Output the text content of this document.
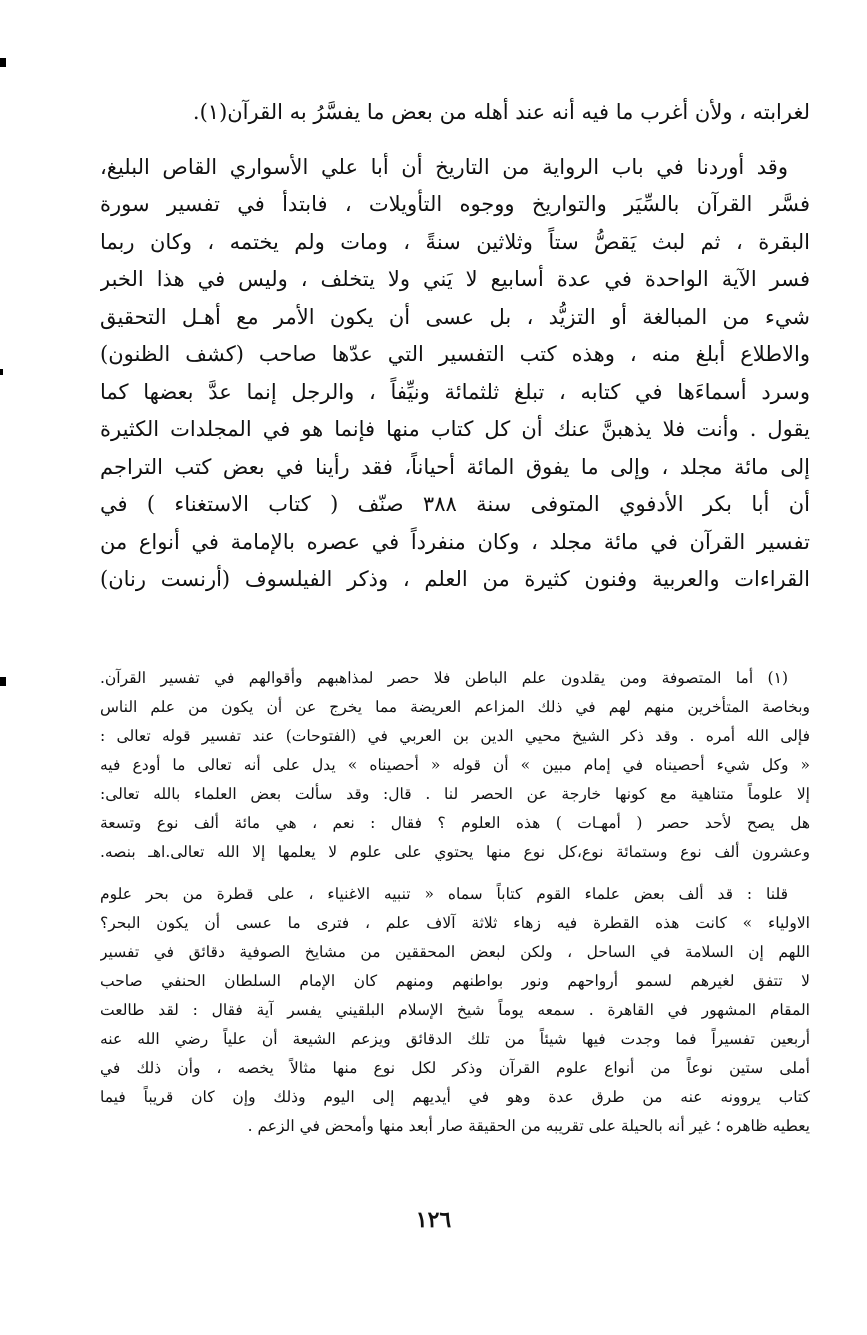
لغرابته ، ولأن أغرب ما فيه أنه عند أهله من بعض ما يفسَّرُ به القرآن(١).
وقد أوردنا في باب الرواية من التاريخ أن أبا علي الأسواري القاص البليغ،
فسَّر القرآن بالسِّيَر والتواريخ ووجوه التأويلات ، فابتدأ في تفسير سورة
البقرة ، ثم لبث يَقصُّ ستاً وثلاثين سنةً ، ومات ولم يختمه ، وكان ربما
فسر الآية الواحدة في عدة أسابيع لا يَني ولا يتخلف ، وليس في هذا الخبر
شيء من المبالغة أو التزيُّد ، بل عسى أن يكون الأمر مع أهـل التحقيق
والاطلاع أبلغ منه ، وهذه كتب التفسير التي عدّها صاحب (كشف الظنون)
وسرد أسماءَها في كتابه ، تبلغ ثلثمائة ونيِّفاً ، والرجل إنما عدَّ بعضها كما
يقول . وأنت فلا يذهبنَّ عنك أن كل كتاب منها فإنما هو في المجلدات الكثيرة
إلى مائة مجلد ، وإلى ما يفوق المائة أحياناً، فقد رأينا في بعض كتب التراجم
أن أبا بكر الأدفوي المتوفى سنة ٣٨٨ صنّف ( كتاب الاستغناء ) في
تفسير القرآن في مائة مجلد ، وكان منفرداً في عصره بالإمامة في أنواع من
القراءات والعربية وفنون كثيرة من العلم ، وذكر الفيلسوف (أرنست رنان)
(١) أما المتصوفة ومن يقلدون علم الباطن فلا حصر لمذاهبهم وأقوالهم في تفسير القرآن.
وبخاصة المتأخرين منهم لهم في ذلك المزاعم العريضة مما يخرج عن أن يكون من علم الناس
فإلى الله أمره . وقد ذكر الشيخ محيي الدين بن العربي في (الفتوحات) عند تفسير قوله تعالى :
« وكل شيء أحصيناه في إمام مبين » أن قوله « أحصيناه » يدل على أنه تعالى ما أودع فيه
إلا علوماً متناهية مع كونها خارجة عن الحصر لنا . قال: وقد سألت بعض العلماء بالله تعالى:
هل يصح لأحد حصر ( أمهـات ) هذه العلوم ؟ فقال : نعم ، هي مائة ألف نوع وتسعة
وعشرون ألف نوع وستمائة نوع،كل نوع منها يحتوي على علوم لا يعلمها إلا الله تعالى.اهـ بنصه.
قلنا : قد ألف بعض علماء القوم كتاباً سماه « تنبيه الاغنياء ، على قطرة من بحر علوم
الاولياء » كانت هذه القطرة فيه زهاء ثلاثة آلاف علم ، فترى ما عسى أن يكون البحر؟
اللهم إن السلامة في الساحل ، ولكن لبعض المحققين من مشايخ الصوفية دقائق في تفسير
لا تتفق لغيرهم لسمو أرواحهم ونور بواطنهم ومنهم كان الإمام السلطان الحنفي صاحب
المقام المشهور في القاهرة . سمعه يوماً شيخ الإسلام البلقيني يفسر آية فقال : لقد طالعت
أربعين تفسيراً فما وجدت فيها شيئاً من تلك الدقائق ويزعم الشيعة أن علياً رضي الله عنه
أملى ستين نوعاً من أنواع علوم القرآن وذكر لكل نوع منها مثالاً يخصه ، وأن ذلك في
كتاب يروونه عنه من طرق عدة وهو في أيديهم إلى اليوم وذلك وإن كان قريباً فيما
يعطيه ظاهره ؛ غير أنه بالحيلة على تقريبه من الحقيقة صار أبعد منها وأمحض في الزعم .
١٢٦
